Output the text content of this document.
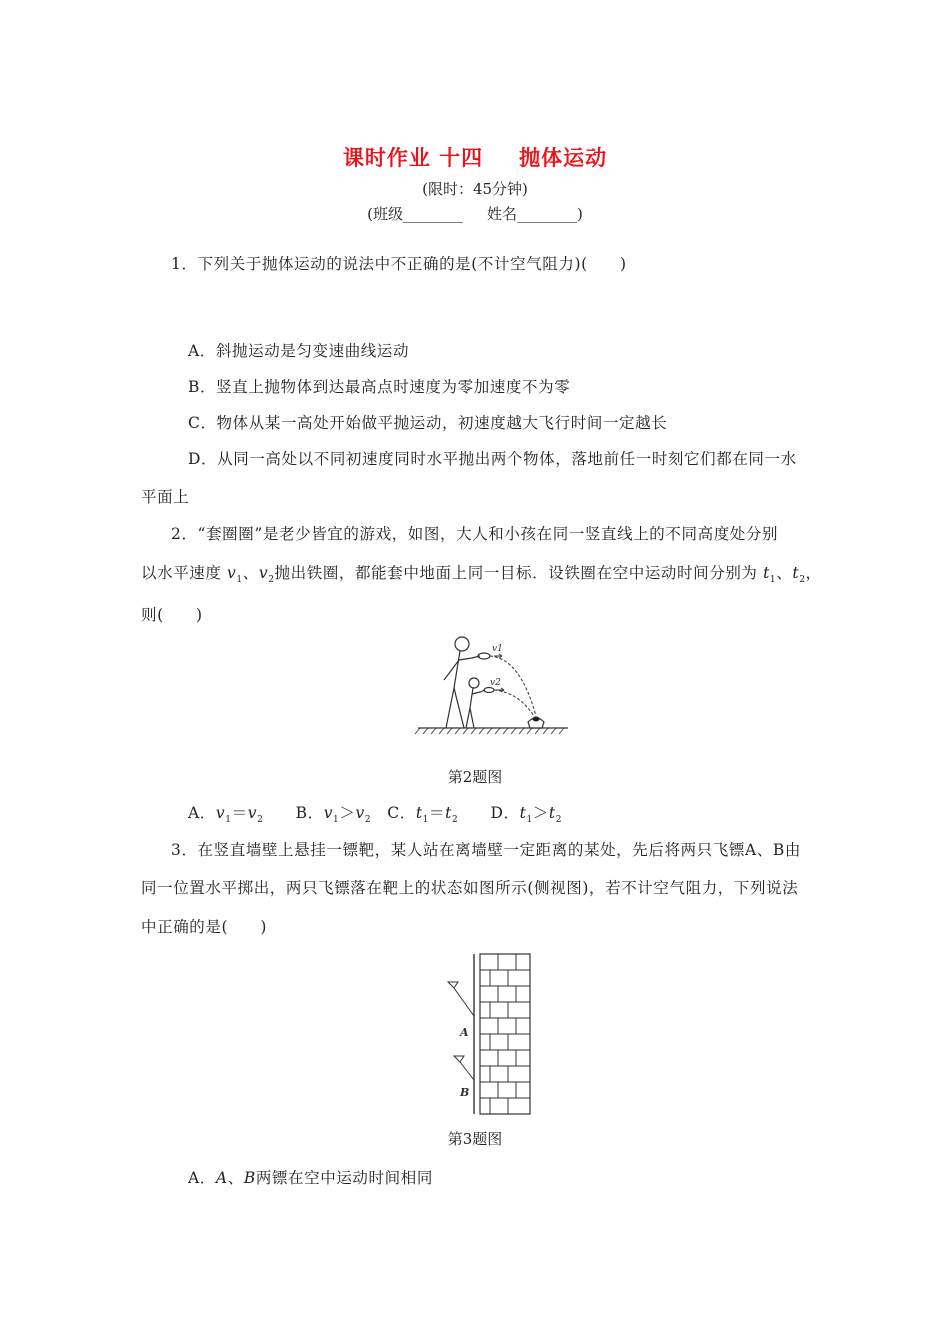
课时作业 十四 抛体运动
(限时：45分钟)
(班级________ 姓名________)
1．下列关于抛体运动的说法中不正确的是(不计空气阻力)(　　)
A．斜抛运动是匀变速曲线运动
B．竖直上抛物体到达最高点时速度为零加速度不为零
C．物体从某一高处开始做平抛运动，初速度越大飞行时间一定越长
D．从同一高处以不同初速度同时水平抛出两个物体，落地前任一时刻它们都在同一水
平面上
2．“套圈圈”是老少皆宜的游戏，如图，大人和小孩在同一竖直线上的不同高度处分别
以水平速度 $v_1$、$v_2$抛出铁圈，都能套中地面上同一目标．设铁圈在空中运动时间分别为 $t_1$、$t_2$，
则(　　)
v1
v2
第2题图
A．$v_1=v_2$　　B．$v_1>v_2$　C．$t_1=t_2$　　D．$t_1>t_2$
3．在竖直墙壁上悬挂一镖靶，某人站在离墙壁一定距离的某处，先后将两只飞镖A、B由
同一位置水平掷出，两只飞镖落在靶上的状态如图所示(侧视图)，若不计空气阻力，下列说法
中正确的是(　　)
A
B
第3题图
A．A、B两镖在空中运动时间相同
